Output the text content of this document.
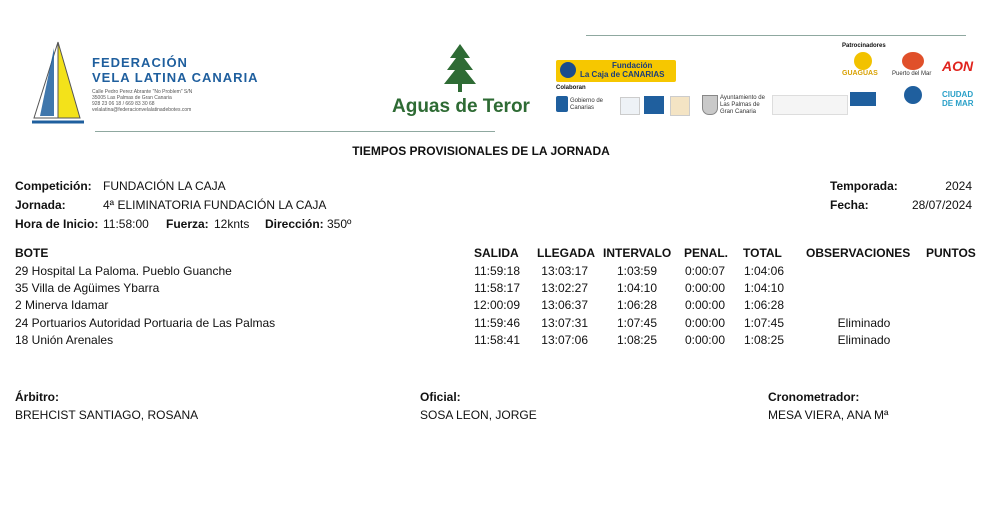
FEDERACIÓN
VELA LATINA CANARIA
Calle Pedro Perez Abrante "No Problem" S/N
35005 Las Palmas de Gran Canaria
928 23 06 18 / 669 83 30 68
velalatina@federacionvelalatinadebotes.com	Aguas de Teror
Fundación
La Caja de CANARIAS
Colaboran
Gobierno de Canarias
Ayuntamiento de Las Palmas de Gran Canaria
Patrocinadores
GUAGUAS Puerto del Mar AON
CIUDAD DE MAR
TIEMPOS PROVISIONALES DE LA JORNADA
Competición: FUNDACIÓN LA CAJA
Jornada:	4ª ELIMINATORIA FUNDACIÓN LA CAJA
Hora de Inicio: 11:58:00 Fuerza: 12knts Dirección: 350º
Temporada:	2024
Fecha:	28/07/2024
BOTE	SALIDA LLEGADA INTERVALO PENAL. TOTAL OBSERVACIONES PUNTOS
29 Hospital La Paloma. Pueblo Guanche	11:59:18	13:03:17	1:03:59	0:00:07	1:04:06
35 Villa de Agüimes Ybarra	11:58:17	13:02:27	1:04:10	0:00:00	1:04:10
2 Minerva Idamar	12:00:09	13:06:37	1:06:28	0:00:00	1:06:28
24 Portuarios Autoridad Portuaria de Las Palmas	11:59:46	13:07:31	1:07:45	0:00:00	1:07:45	Eliminado
18 Unión Arenales	11:58:41	13:07:06	1:08:25	0:00:00	1:08:25	Eliminado
Árbitro:
BREHCIST SANTIAGO, ROSANA
Oficial:
SOSA LEON, JORGE
Cronometrador:
MESA VIERA, ANA Mª
